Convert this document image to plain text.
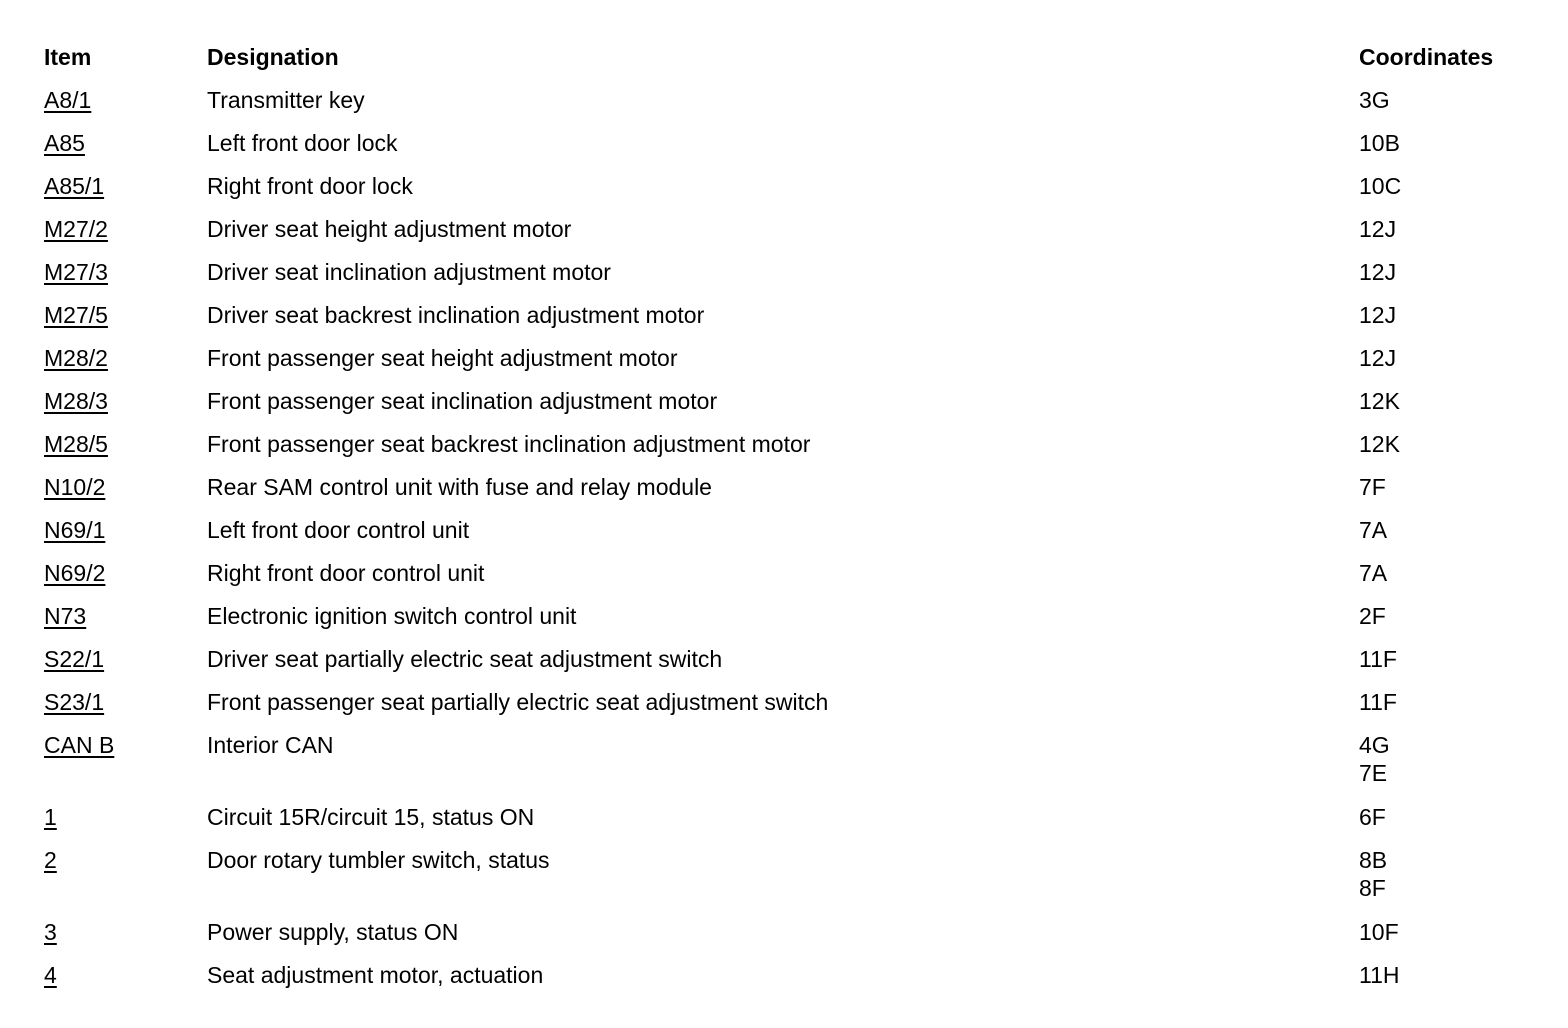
Item	Designation	Coordinates
A8/1	Transmitter key	3G
A85	Left front door lock	10B
A85/1	Right front door lock	10C
M27/2	Driver seat height adjustment motor	12J
M27/3	Driver seat inclination adjustment motor	12J
M27/5	Driver seat backrest inclination adjustment motor	12J
M28/2	Front passenger seat height adjustment motor	12J
M28/3	Front passenger seat inclination adjustment motor	12K
M28/5	Front passenger seat backrest inclination adjustment motor	12K
N10/2	Rear SAM control unit with fuse and relay module	7F
N69/1	Left front door control unit	7A
N69/2	Right front door control unit	7A
N73	Electronic ignition switch control unit	2F
S22/1	Driver seat partially electric seat adjustment switch	11F
S23/1	Front passenger seat partially electric seat adjustment switch	11F
CAN B	Interior CAN	4G
7E
1	Circuit 15R/circuit 15, status ON	6F
2	Door rotary tumbler switch, status	8B
8F
3	Power supply, status ON	10F
4	Seat adjustment motor, actuation	11H
